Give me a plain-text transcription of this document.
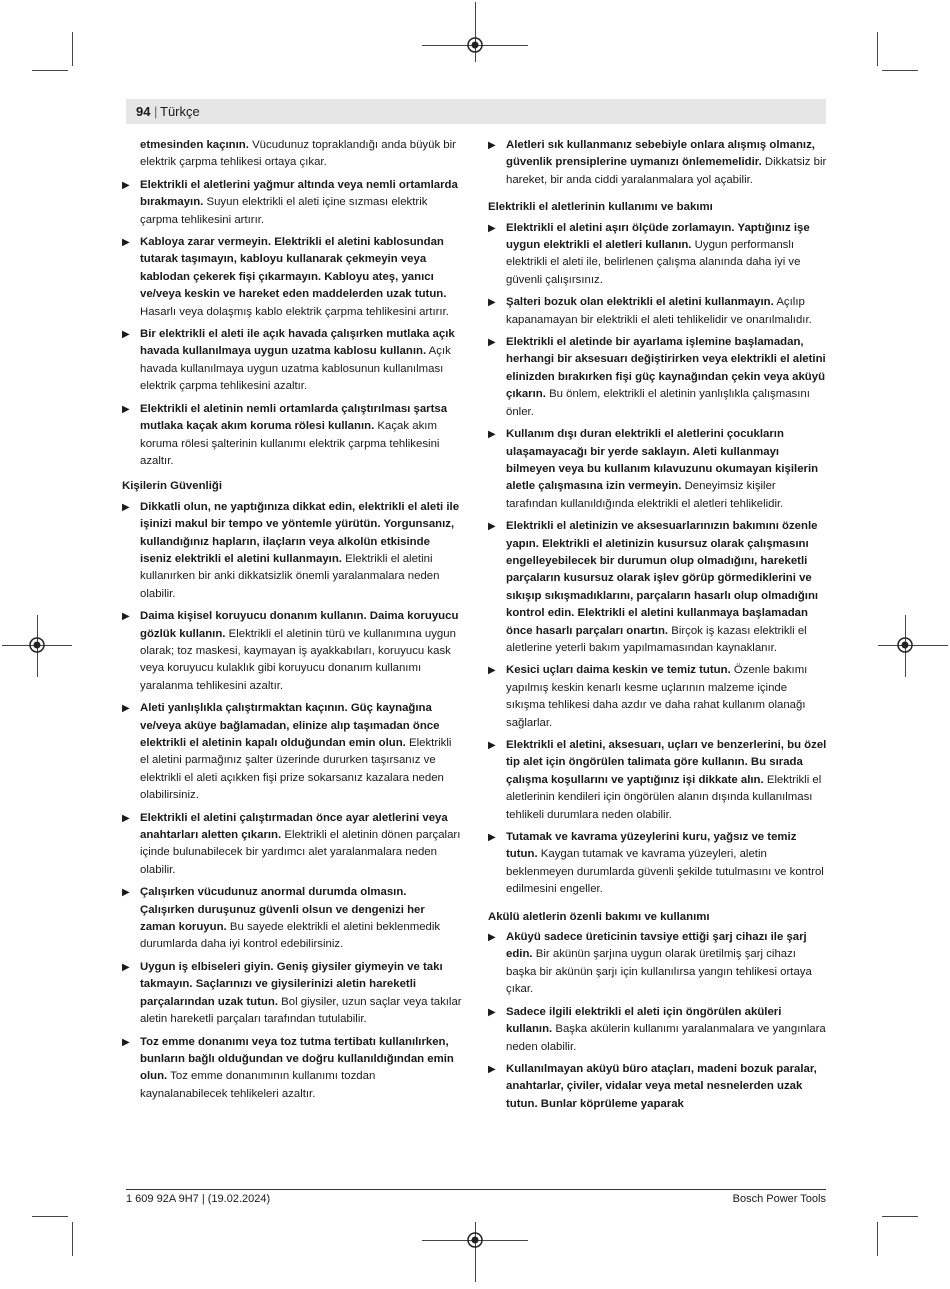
94 | Türkçe
etmesinden kaçının. Vücudunuz topraklandığı anda büyük bir elektrik çarpma tehlikesi ortaya çıkar.
▶ Elektrikli el aletlerini yağmur altında veya nemli ortamlarda bırakmayın. Suyun elektrikli el aleti içine sızması elektrik çarpma tehlikesini artırır.
▶ Kabloya zarar vermeyin. Elektrikli el aletini kablosundan tutarak taşımayın, kabloyu kullanarak çekmeyin veya kablodan çekerek fişi çıkarmayın. Kabloyu ateş, yanıcı ve/veya keskin ve hareket eden maddelerden uzak tutun. Hasarlı veya dolaşmış kablo elektrik çarpma tehlikesini artırır.
▶ Bir elektrikli el aleti ile açık havada çalışırken mutlaka açık havada kullanılmaya uygun uzatma kablosu kullanın. Açık havada kullanılmaya uygun uzatma kablosunun kullanılması elektrik çarpma tehlikesini azaltır.
▶ Elektrikli el aletinin nemli ortamlarda çalıştırılması şartsa mutlaka kaçak akım koruma rölesi kullanın. Kaçak akım koruma rölesi şalterinin kullanımı elektrik çarpma tehlikesini azaltır.
Kişilerin Güvenliği
▶ Dikkatli olun, ne yaptığınıza dikkat edin, elektrikli el aleti ile işinizi makul bir tempo ve yöntemle yürütün. Yorgunsanız, kullandığınız hapların, ilaçların veya alkolün etkisinde iseniz elektrikli el aletini kullanmayın. Elektrikli el aletini kullanırken bir anki dikkatsizlik önemli yaralanmalara neden olabilir.
▶ Daima kişisel koruyucu donanım kullanın. Daima koruyucu gözlük kullanın. Elektrikli el aletinin türü ve kullanımına uygun olarak; toz maskesi, kaymayan iş ayakkabıları, koruyucu kask veya koruyucu kulaklık gibi koruyucu donanım kullanımı yaralanma tehlikesini azaltır.
▶ Aleti yanlışlıkla çalıştırmaktan kaçının. Güç kaynağına ve/veya aküye bağlamadan, elinize alıp taşımadan önce elektrikli el aletinin kapalı olduğundan emin olun. Elektrikli el aletini parmağınız şalter üzerinde dururken taşırsanız ve elektrikli el aleti açıkken fişi prize sokarsanız kazalara neden olabilirsiniz.
▶ Elektrikli el aletini çalıştırmadan önce ayar aletlerini veya anahtarları aletten çıkarın. Elektrikli el aletinin dönen parçaları içinde bulunabilecek bir yardımcı alet yaralanmalara neden olabilir.
▶ Çalışırken vücudunuz anormal durumda olmasın. Çalışırken duruşunuz güvenli olsun ve dengenizi her zaman koruyun. Bu sayede elektrikli el aletini beklenmedik durumlarda daha iyi kontrol edebilirsiniz.
▶ Uygun iş elbiseleri giyin. Geniş giysiler giymeyin ve takı takmayın. Saçlarınızı ve giysilerinizi aletin hareketli parçalarından uzak tutun. Bol giysiler, uzun saçlar veya takılar aletin hareketli parçaları tarafından tutulabilir.
▶ Toz emme donanımı veya toz tutma tertibatı kullanılırken, bunların bağlı olduğundan ve doğru kullanıldığından emin olun. Toz emme donanımının kullanımı tozdan kaynalanabilecek tehlikeleri azaltır.
▶ Aletleri sık kullanmanız sebebiyle onlara alışmış olmanız, güvenlik prensiplerine uymanızı önlememelidir. Dikkatsiz bir hareket, bir anda ciddi yaralanmalara yol açabilir.
Elektrikli el aletlerinin kullanımı ve bakımı
▶ Elektrikli el aletini aşırı ölçüde zorlamayın. Yaptığınız işe uygun elektrikli el aletleri kullanın. Uygun performanslı elektrikli el aleti ile, belirlenen çalışma alanında daha iyi ve güvenli çalışırsınız.
▶ Şalteri bozuk olan elektrikli el aletini kullanmayın. Açılıp kapanamayan bir elektrikli el aleti tehlikelidir ve onarılmalıdır.
▶ Elektrikli el aletinde bir ayarlama işlemine başlamadan, herhangi bir aksesuarı değiştirirken veya elektrikli el aletini elinizden bırakırken fişi güç kaynağından çekin veya aküyü çıkarın. Bu önlem, elektrikli el aletinin yanlışlıkla çalışmasını önler.
▶ Kullanım dışı duran elektrikli el aletlerini çocukların ulaşamayacağı bir yerde saklayın. Aleti kullanmayı bilmeyen veya bu kullanım kılavuzunu okumayan kişilerin aletle çalışmasına izin vermeyin. Deneyimsiz kişiler tarafından kullanıldığında elektrikli el aletleri tehlikelidir.
▶ Elektrikli el aletinizin ve aksesuarlarınızın bakımını özenle yapın. Elektrikli el aletinizin kusursuz olarak çalışmasını engelleyebilecek bir durumun olup olmadığını, hareketli parçaların kusursuz olarak işlev görüp görmediklerini ve sıkışıp sıkışmadıklarını, parçaların hasarlı olup olmadığını kontrol edin. Elektrikli el aletini kullanmaya başlamadan önce hasarlı parçaları onartın. Birçok iş kazası elektrikli el aletlerine yeterli bakım yapılmamasından kaynaklanır.
▶ Kesici uçları daima keskin ve temiz tutun. Özenle bakımı yapılmış keskin kenarlı kesme uçlarının malzeme içinde sıkışma tehlikesi daha azdır ve daha rahat kullanım olanağı sağlarlar.
▶ Elektrikli el aletini, aksesuarı, uçları ve benzerlerini, bu özel tip alet için öngörülen talimata göre kullanın. Bu sırada çalışma koşullarını ve yaptığınız işi dikkate alın. Elektrikli el aletlerinin kendileri için öngörülen alanın dışında kullanılması tehlikeli durumlara neden olabilir.
▶ Tutamak ve kavrama yüzeylerini kuru, yağsız ve temiz tutun. Kaygan tutamak ve kavrama yüzeyleri, aletin beklenmeyen durumlarda güvenli şekilde tutulmasını ve kontrol edilmesini engeller.
Akülü aletlerin özenli bakımı ve kullanımı
▶ Aküyü sadece üreticinin tavsiye ettiği şarj cihazı ile şarj edin. Bir akünün şarjına uygun olarak üretilmiş şarj cihazı başka bir akünün şarjı için kullanılırsa yangın tehlikesi ortaya çıkar.
▶ Sadece ilgili elektrikli el aleti için öngörülen aküleri kullanın. Başka akülerin kullanımı yaralanmalara ve yangınlara neden olabilir.
▶ Kullanılmayan aküyü büro ataçları, madeni bozuk paralar, anahtarlar, çiviler, vidalar veya metal nesnelerden uzak tutun. Bunlar köprüleme yaparak
1 609 92A 9H7 | (19.02.2024)	Bosch Power Tools
